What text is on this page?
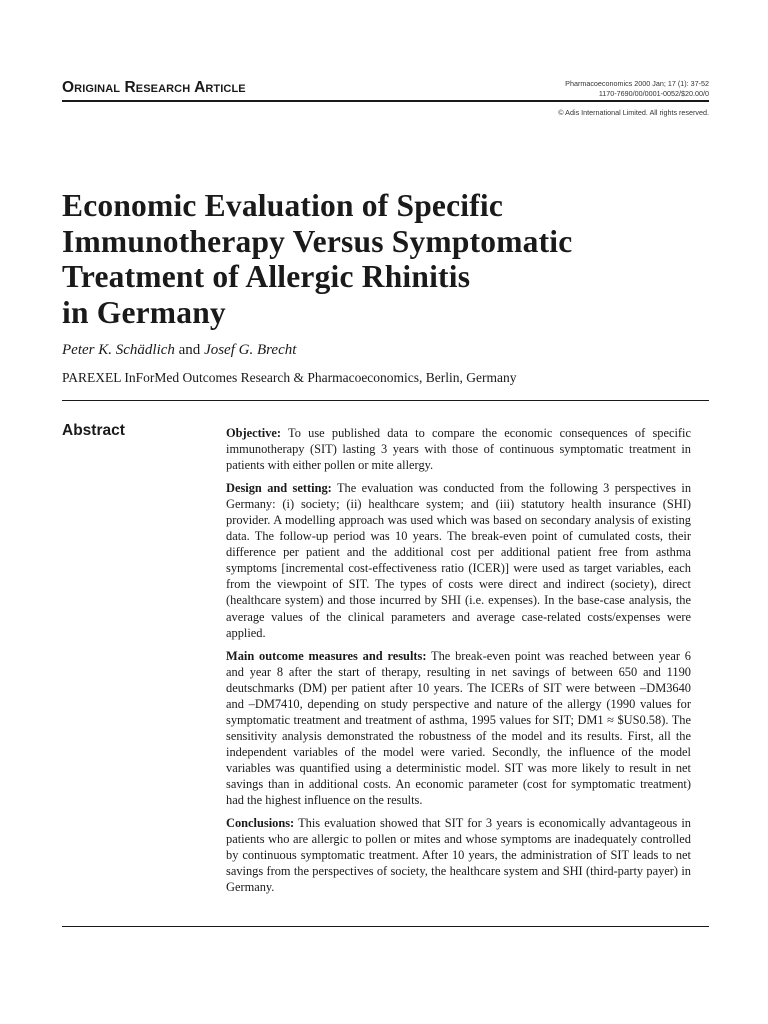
Original Research Article	Pharmacoeconomics 2000 Jan; 17 (1): 37-52
1170-7690/00/0001-0052/$20.00/0
© Adis International Limited. All rights reserved.
Economic Evaluation of Specific
Immunotherapy Versus Symptomatic
Treatment of Allergic Rhinitis
in Germany
Peter K. Schädlich and Josef G. Brecht
PAREXEL InForMed Outcomes Research & Pharmacoeconomics, Berlin, Germany
Abstract	Objective: To use published data to compare the economic consequences of specific immunotherapy (SIT) lasting 3 years with those of continuous symptomatic treatment in patients with either pollen or mite allergy.

Design and setting: The evaluation was conducted from the following 3 perspectives in Germany: (i) society; (ii) healthcare system; and (iii) statutory health insurance (SHI) provider. A modelling approach was used which was based on secondary analysis of existing data. The follow-up period was 10 years. The break-even point of cumulated costs, their difference per patient and the additional cost per additional patient free from asthma symptoms [incremental cost-effectiveness ratio (ICER)] were used as target variables, each from the viewpoint of SIT. The types of costs were direct and indirect (society), direct (healthcare system) and those incurred by SHI (i.e. expenses). In the base-case analysis, the average values of the clinical parameters and average case-related costs/expenses were applied.

Main outcome measures and results: The break-even point was reached between year 6 and year 8 after the start of therapy, resulting in net savings of between 650 and 1190 deutschmarks (DM) per patient after 10 years. The ICERs of SIT were between –DM3640 and –DM7410, depending on study perspective and nature of the allergy (1990 values for symptomatic treatment and treatment of asthma, 1995 values for SIT; DM1 ≈ $US0.58). The sensitivity analysis demonstrated the robustness of the model and its results. First, all the independent variables of the model were varied. Secondly, the influence of the model variables was quantified using a deterministic model. SIT was more likely to result in net savings than in additional costs. An economic parameter (cost for symptomatic treatment) had the highest influence on the results.

Conclusions: This evaluation showed that SIT for 3 years is economically advantageous in patients who are allergic to pollen or mites and whose symptoms are inadequately controlled by continuous symptomatic treatment. After 10 years, the administration of SIT leads to net savings from the perspectives of society, the healthcare system and SHI (third-party payer) in Germany.
